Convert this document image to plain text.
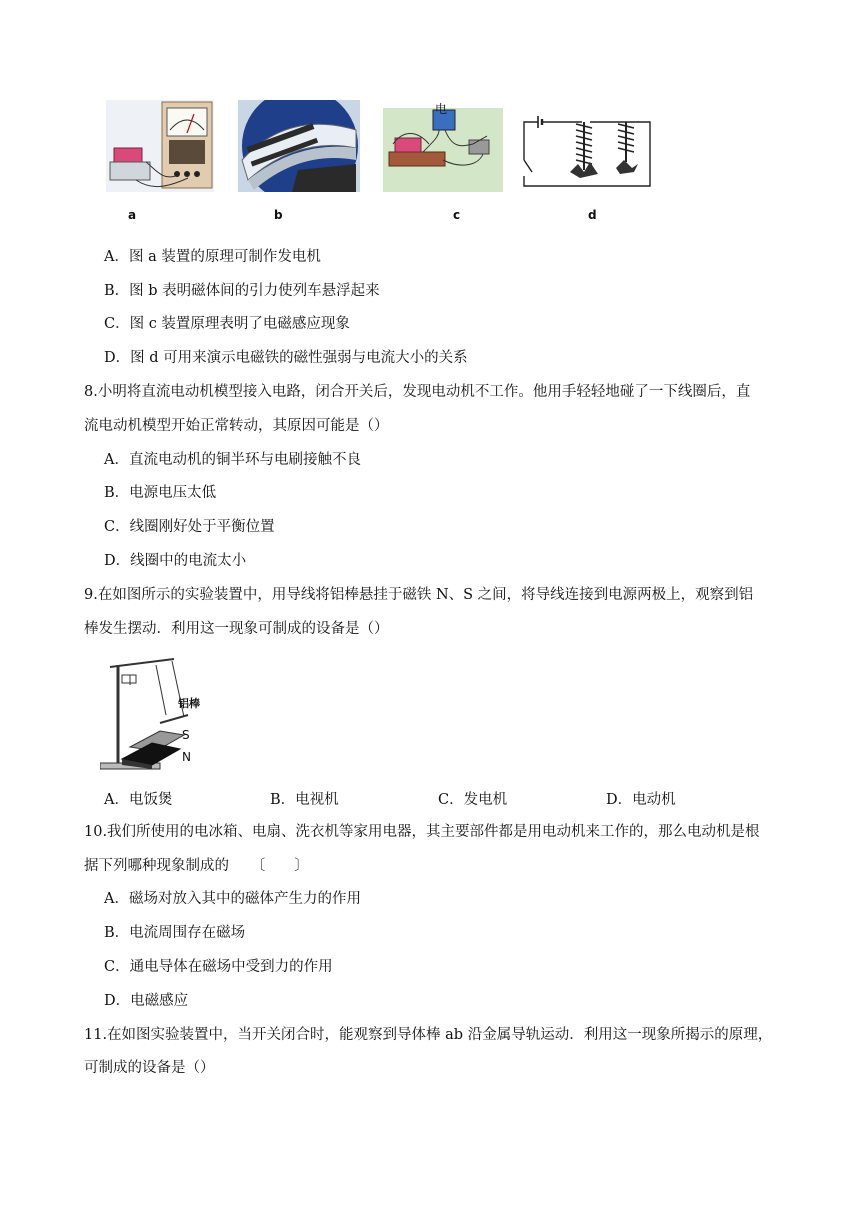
a	b
电
c	d
A．图 a 装置的原理可制作发电机
B．图 b 表明磁体间的引力使列车悬浮起来
C．图 c 装置原理表明了电磁感应现象
D．图 d 可用来演示电磁铁的磁性强弱与电流大小的关系
8.小明将直流电动机模型接入电路，闭合开关后，发现电动机不工作。他用手轻轻地碰了一下线圈后，直
流电动机模型开始正常转动，其原因可能是（）
A．直流电动机的铜半环与电刷接触不良
B．电源电压太低
C．线圈刚好处于平衡位置
D．线圈中的电流太小
9.在如图所示的实验装置中，用导线将铝棒悬挂于磁铁 N、S 之间，将导线连接到电源两极上，观察到铝
棒发生摆动．利用这一现象可制成的设备是（）
铝棒
S
N
A．电饭煲	B．电视机	C．发电机	D．电动机
10.我们所使用的电冰箱、电扇、洗衣机等家用电器，其主要部件都是用电动机来工作的，那么电动机是根
据下列哪种现象制成的　　〔　　〕
A．磁场对放入其中的磁体产生力的作用
B．电流周围存在磁场
C．通电导体在磁场中受到力的作用
D．电磁感应
11.在如图实验装置中，当开关闭合时，能观察到导体棒 ab 沿金属导轨运动．利用这一现象所揭示的原理，
可制成的设备是（）
